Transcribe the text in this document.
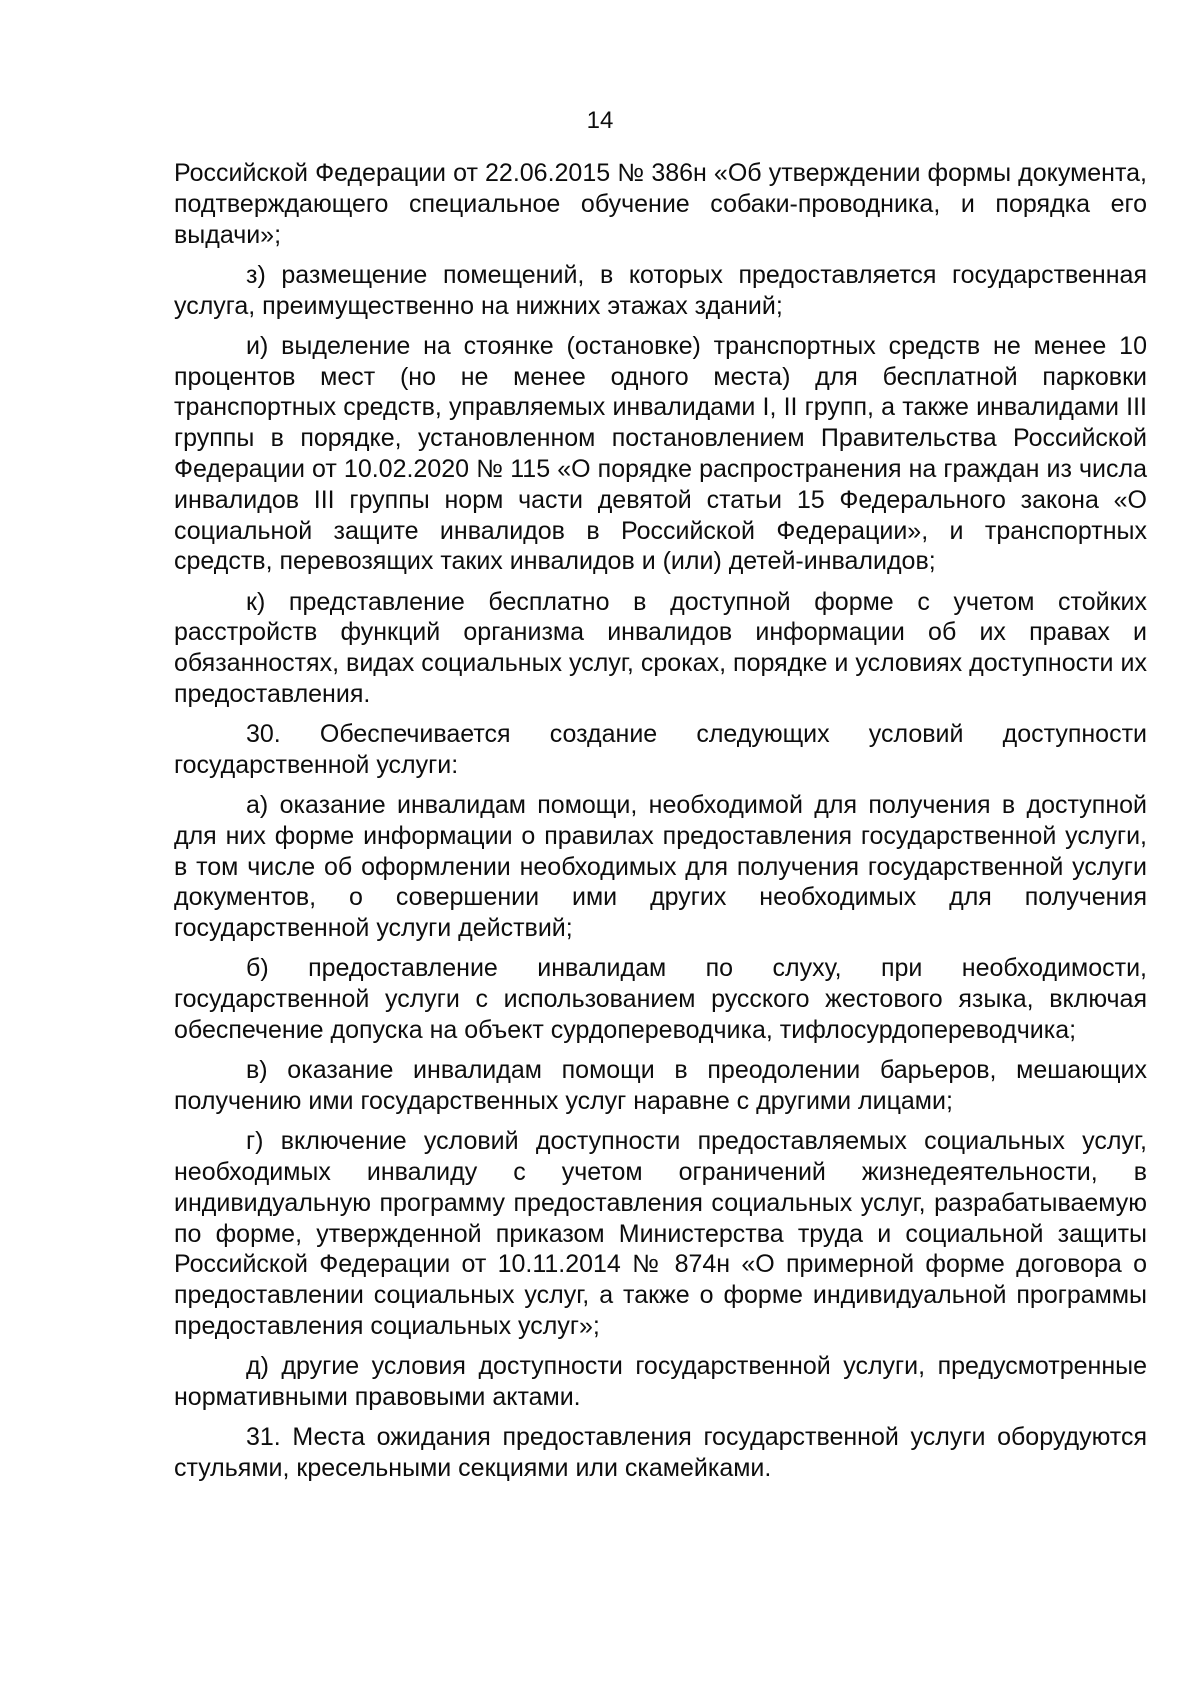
14

Российской Федерации от 22.06.2015 № 386н «Об утверждении формы документа, подтверждающего специальное обучение собаки-проводника, и порядка его выдачи»;

з) размещение помещений, в которых предоставляется государственная услуга, преимущественно на нижних этажах зданий;

и) выделение на стоянке (остановке) транспортных средств не менее 10 процентов мест (но не менее одного места) для бесплатной парковки транспортных средств, управляемых инвалидами I, II групп, а также инвалидами III группы в порядке, установленном постановлением Правительства Российской Федерации от 10.02.2020 № 115 «О порядке распространения на граждан из числа инвалидов III группы норм части девятой статьи 15 Федерального закона «О социальной защите инвалидов в Российской Федерации», и транспортных средств, перевозящих таких инвалидов и (или) детей-инвалидов;

к) представление бесплатно в доступной форме с учетом стойких расстройств функций организма инвалидов информации об их правах и обязанностях, видах социальных услуг, сроках, порядке и условиях доступности их предоставления.

30. Обеспечивается создание следующих условий доступности государственной услуги:

а) оказание инвалидам помощи, необходимой для получения в доступной для них форме информации о правилах предоставления государственной услуги, в том числе об оформлении необходимых для получения государственной услуги документов, о совершении ими других необходимых для получения государственной услуги действий;

б) предоставление инвалидам по слуху, при необходимости, государственной услуги с использованием русского жестового языка, включая обеспечение допуска на объект сурдопереводчика, тифлосурдопереводчика;

в) оказание инвалидам помощи в преодолении барьеров, мешающих получению ими государственных услуг наравне с другими лицами;

г) включение условий доступности предоставляемых социальных услуг, необходимых инвалиду с учетом ограничений жизнедеятельности, в индивидуальную программу предоставления социальных услуг, разрабатываемую по форме, утвержденной приказом Министерства труда и социальной защиты Российской Федерации от 10.11.2014 № 874н «О примерной форме договора о предоставлении социальных услуг, а также о форме индивидуальной программы предоставления социальных услуг»;

д) другие условия доступности государственной услуги, предусмотренные нормативными правовыми актами.

31. Места ожидания предоставления государственной услуги оборудуются стульями, кресельными секциями или скамейками.
